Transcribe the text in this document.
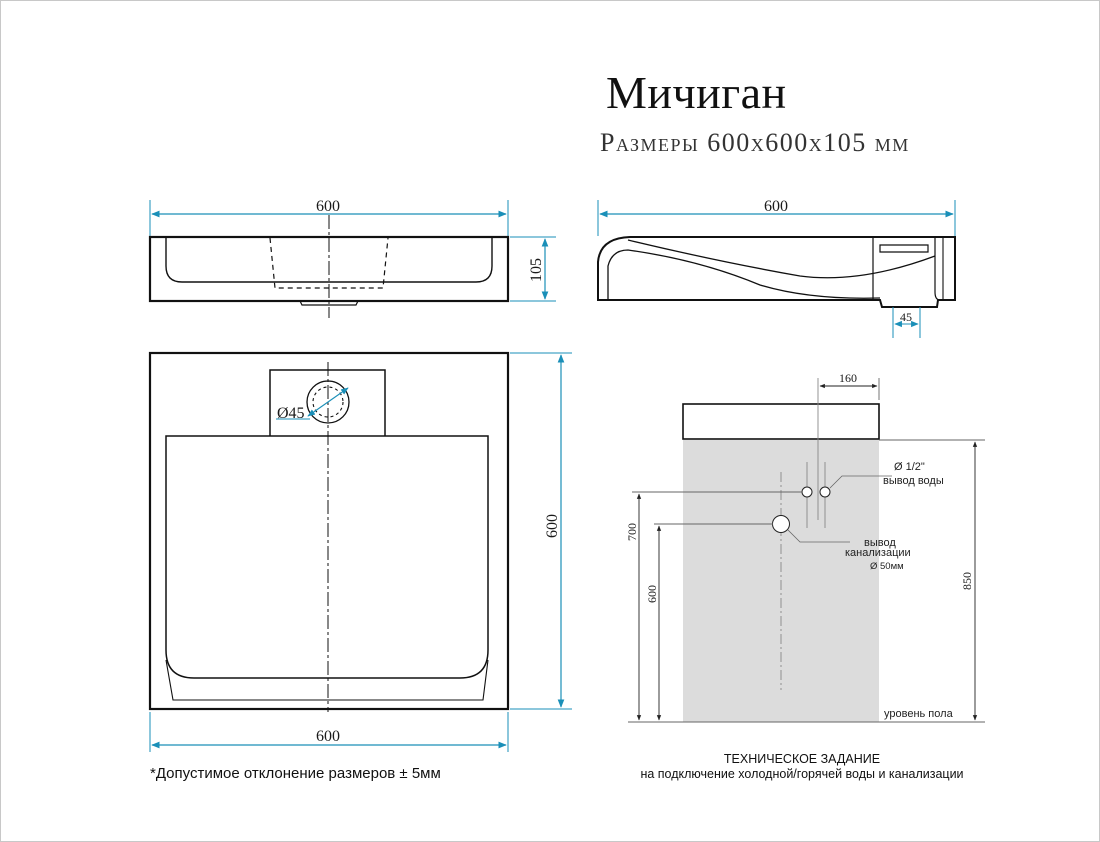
Мичиган
Размеры 600х600х105 мм
600
105
600
45
Ø45
600
600
*Допустимое отклонение размеров ± 5мм
160
Ø 1/2"
вывод воды
вывод
канализации
Ø 50мм
700
600
850
уровень пола
ТЕХНИЧЕСКОЕ ЗАДАНИЕ
на подключение холодной/горячей воды и канализации
